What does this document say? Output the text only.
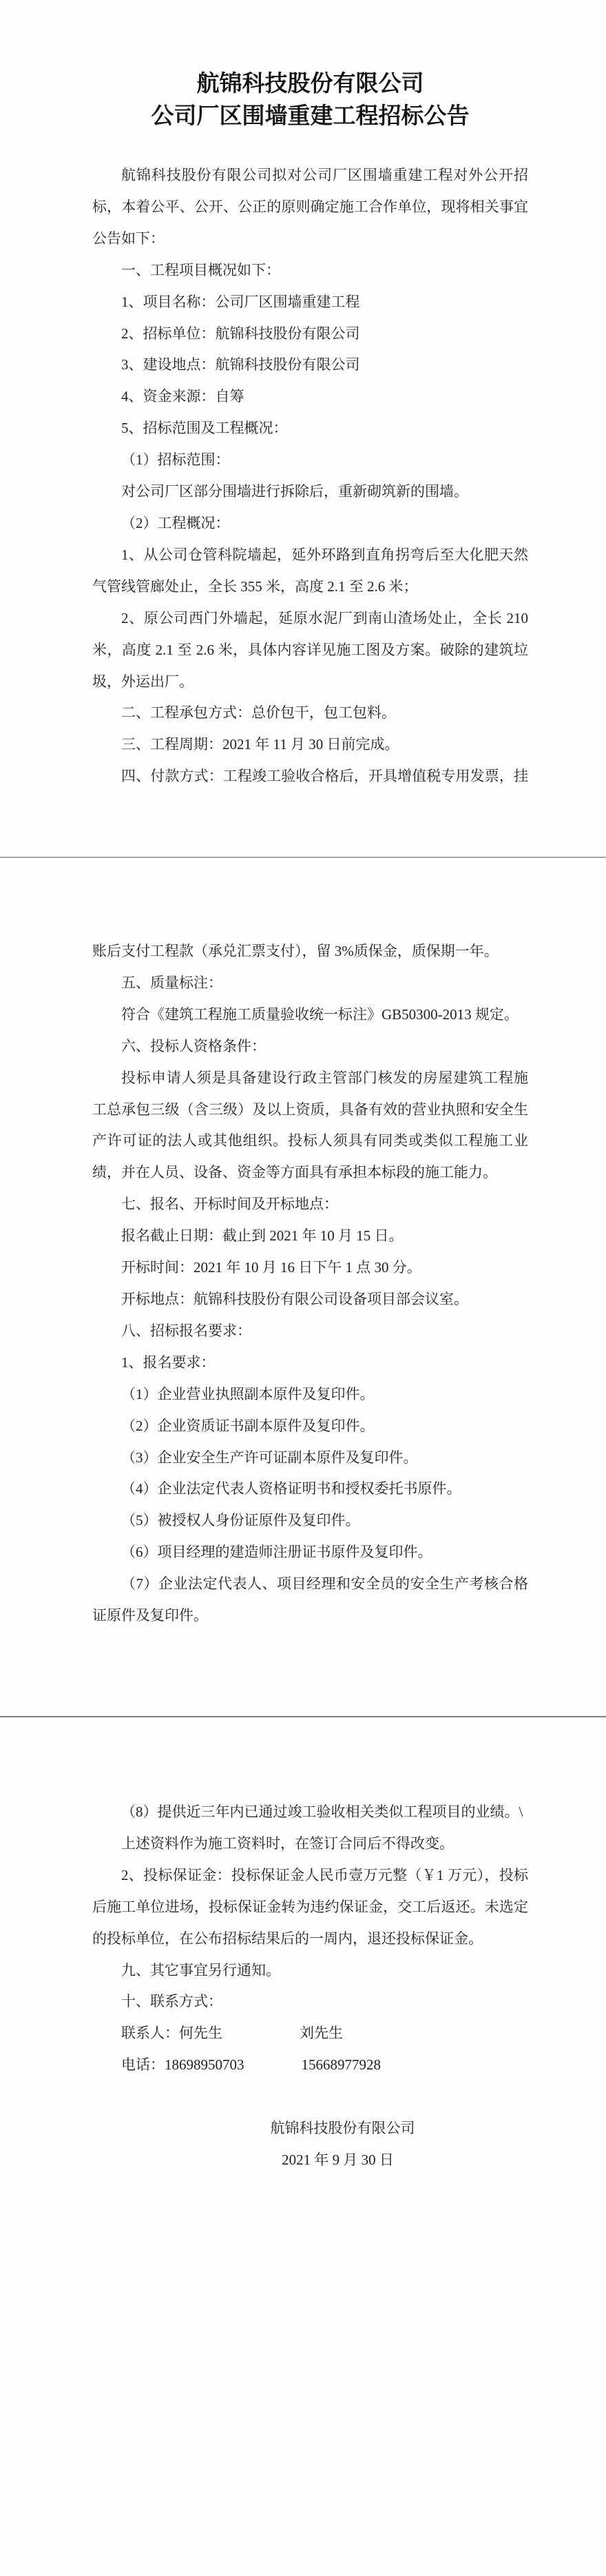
航锦科技股份有限公司
公司厂区围墙重建工程招标公告
航锦科技股份有限公司拟对公司厂区围墙重建工程对外公开招
标，本着公平、公开、公正的原则确定施工合作单位，现将相关事宜
公告如下：
一、工程项目概况如下：
1、项目名称：公司厂区围墙重建工程
2、招标单位：航锦科技股份有限公司
3、建设地点：航锦科技股份有限公司
4、资金来源：自筹
5、招标范围及工程概况：
（1）招标范围：
对公司厂区部分围墙进行拆除后，重新砌筑新的围墙。
（2）工程概况：
1、从公司仓管科院墙起，延外环路到直角拐弯后至大化肥天然
气管线管廊处止，全长 355 米，高度 2.1 至 2.6 米；
2、原公司西门外墙起，延原水泥厂到南山渣场处止，全长 210
米，高度 2.1 至 2.6 米，具体内容详见施工图及方案。破除的建筑垃
圾，外运出厂。
二、工程承包方式：总价包干，包工包料。
三、工程周期：2021 年 11 月 30 日前完成。
四、付款方式：工程竣工验收合格后，开具增值税专用发票，挂
账后支付工程款（承兑汇票支付），留 3%质保金，质保期一年。
五、质量标注：
符合《建筑工程施工质量验收统一标注》GB50300-2013 规定。
六、投标人资格条件：
投标申请人须是具备建设行政主管部门核发的房屋建筑工程施
工总承包三级（含三级）及以上资质，具备有效的营业执照和安全生
产许可证的法人或其他组织。投标人须具有同类或类似工程施工业
绩，并在人员、设备、资金等方面具有承担本标段的施工能力。
七、报名、开标时间及开标地点：
报名截止日期：截止到 2021 年 10 月 15 日。
开标时间：2021 年 10 月 16 日下午 1 点 30 分。
开标地点：航锦科技股份有限公司设备项目部会议室。
八、招标报名要求：
1、报名要求：
（1）企业营业执照副本原件及复印件。
（2）企业资质证书副本原件及复印件。
（3）企业安全生产许可证副本原件及复印件。
（4）企业法定代表人资格证明书和授权委托书原件。
（5）被授权人身份证原件及复印件。
（6）项目经理的建造师注册证书原件及复印件。
（7）企业法定代表人、项目经理和安全员的安全生产考核合格
证原件及复印件。
（8）提供近三年内已通过竣工验收相关类似工程项目的业绩。\
上述资料作为施工资料时，在签订合同后不得改变。
2、投标保证金：投标保证金人民币壹万元整（￥1 万元），投标
后施工单位进场，投标保证金转为违约保证金，交工后返还。未选定
的投标单位，在公布招标结果后的一周内，退还投标保证金。
九、其它事宜另行通知。
十、联系方式：
联系人：何先生	刘先生
电话：18698950703	15668977928
航锦科技股份有限公司
2021 年 9 月 30 日
